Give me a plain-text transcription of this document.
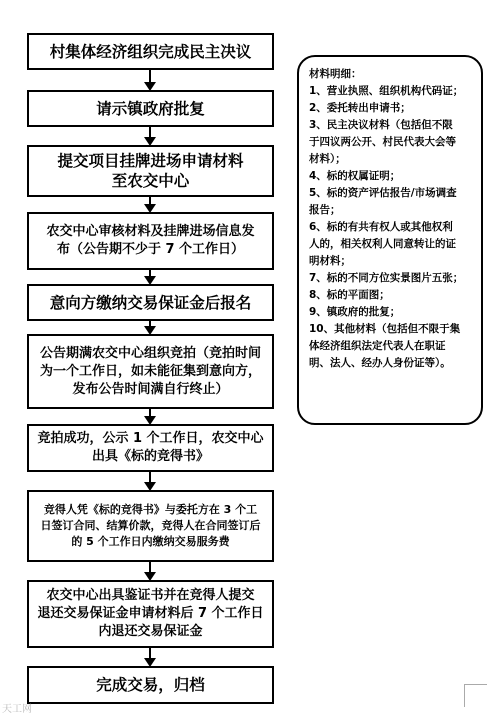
村集体经济组织完成民主决议
请示镇政府批复
提交项目挂牌进场申请材料
至农交中心
农交中心审核材料及挂牌进场信息发
布（公告期不少于 7 个工作日）
意向方缴纳交易保证金后报名
公告期满农交中心组织竞拍（竞拍时间
为一个工作日，如未能征集到意向方，
发布公告时间满自行终止）
竞拍成功，公示 1 个工作日，农交中心
出具《标的竞得书》
竞得人凭《标的竞得书》与委托方在 3 个工
日签订合同、结算价款，竞得人在合同签订后
的 5 个工作日内缴纳交易服务费
农交中心出具鉴证书并在竞得人提交
退还交易保证金申请材料后 7 个工作日
内退还交易保证金
完成交易，归档

材料明细：

1、营业执照、组织机构代码证；

2、委托转出申请书；

3、民主决议材料（包括但不限
于四议两公开、村民代表大会等
材料）；

4、标的权属证明；

5、标的资产评估报告/市场调查
报告；

6、标的有共有权人或其他权利
人的，相关权利人同意转让的证
明材料；

7、标的不同方位实景图片五张；

8、标的平面图；

9、镇政府的批复；

10、其他材料（包括但不限于集
体经济组织法定代表人在职证
明、法人、经办人身份证等）。

天工网
